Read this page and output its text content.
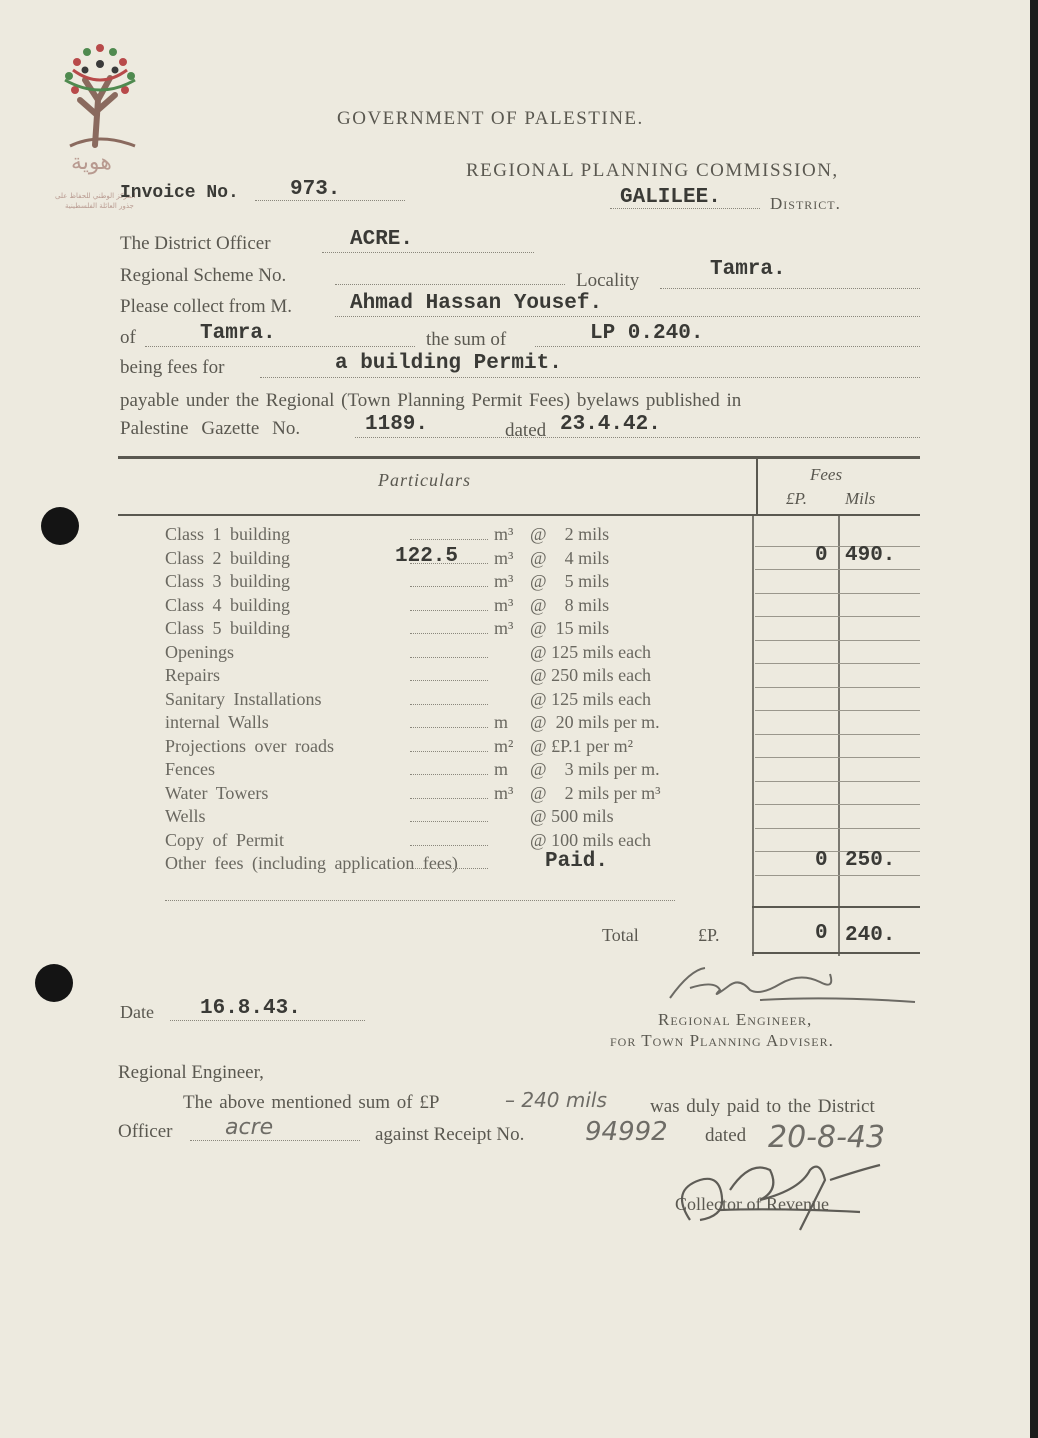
هوية
المركز الوطني للحفاظ على
جذور العائلة الفلسطينية
GOVERNMENT OF PALESTINE.
REGIONAL PLANNING COMMISSION,
Invoice No. 973.	GALILEE.	District.
The District Officer	ACRE.
Regional Scheme No.	Locality	Tamra.
Please collect from M.	Ahmad Hassan Yousef.
of	Tamra.	the sum of	LP 0.240.
being fees for	a building Permit.
payable under the Regional (Town Planning Permit Fees) byelaws published in
Palestine Gazette No.	1189.	dated 23.4.42.
Particulars	Fees
£P. Mils
Class 1 building	m³ @    2 mils
Class 2 building	122.5 m³ @    4 mils	0 490.
Class 3 building	m³ @    5 mils
Class 4 building	m³ @    8 mils
Class 5 building	m³ @  15 mils
Openings	@ 125 mils each
Repairs	@ 250 mils each
Sanitary Installations	@ 125 mils each
internal Walls	m @  20 mils per m.
Projections over roads	m² @ £P.1 per m²
Fences	m @    3 mils per m.
Water Towers	m³ @    2 mils per m³
Wells	@ 500 mils
Copy of Permit	@ 100 mils each
Other fees (including application fees)	Paid.	0 250.
Total	£P.	0 240.
Date 16.8.43.	Regional Engineer,
for Town Planning Adviser.
Regional Engineer,
The above mentioned sum of £P	– 240 mils was duly paid to the District
Officer acre	against Receipt No. 94992 dated 20-8-43
Collector of Revenue
